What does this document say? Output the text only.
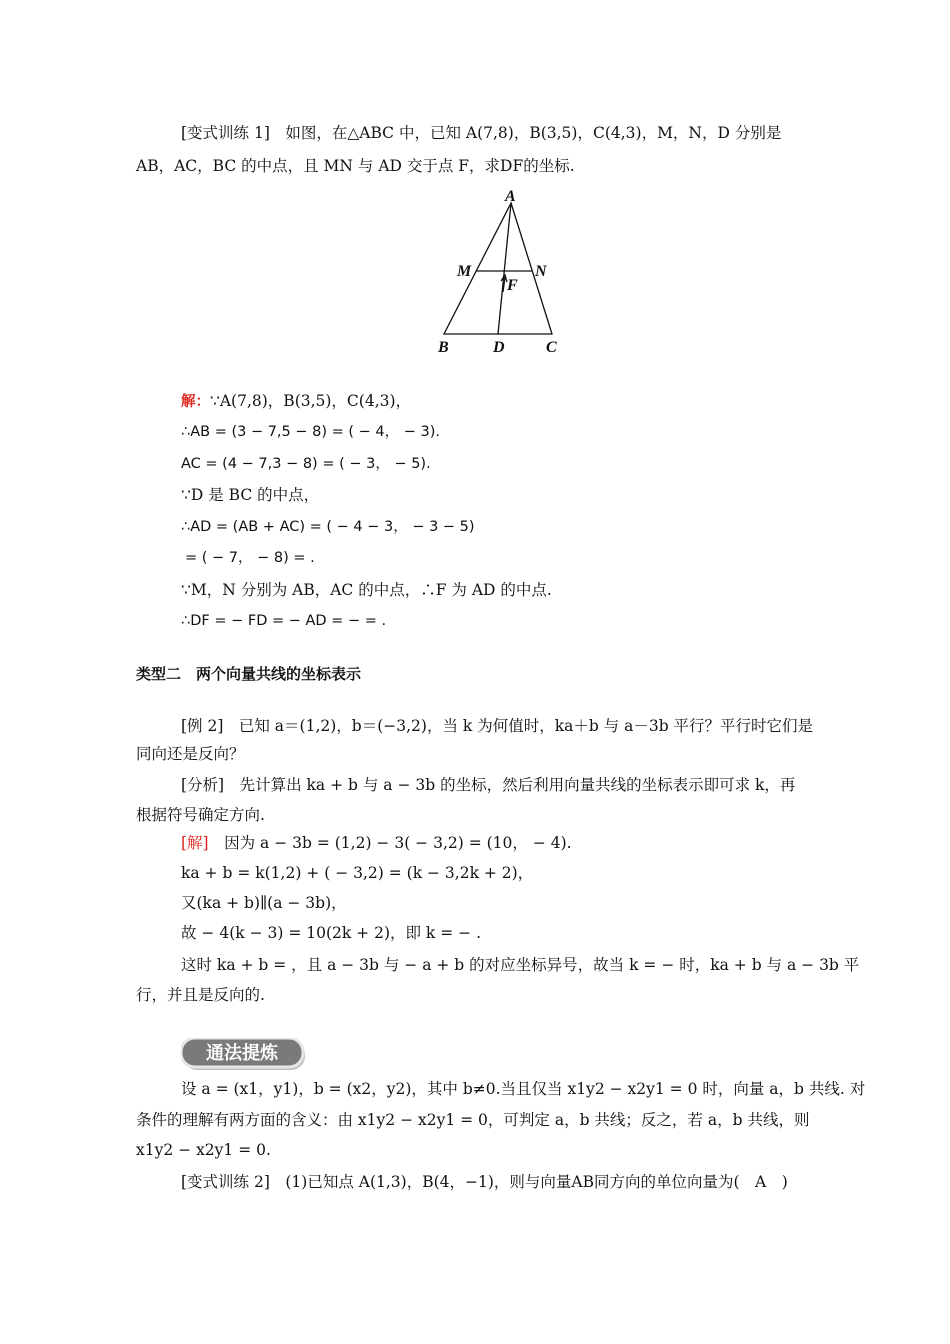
[变式训练 1]　如图，在△ABC 中，已知 A(7,8)，B(3,5)，C(4,3)，M，N，D 分别是
AB，AC，BC 的中点，且 MN 与 AD 交于点 F，求DF的坐标.
A
M	N
F
B	D	C
解：∵A(7,8)，B(3,5)，C(4,3)，
∴AB = (3 − 7,5 − 8) = ( − 4， − 3).
AC = (4 − 7,3 − 8) = ( − 3， − 5).
∵D 是 BC 的中点，
∴AD = (AB + AC) = ( − 4 − 3， − 3 − 5)
= ( − 7， − 8) = .
∵M，N 分别为 AB，AC 的中点，∴F 为 AD 的中点.
∴DF = − FD = − AD = − = .
类型二　两个向量共线的坐标表示
[例 2]　已知 a＝(1,2)，b＝(−3,2)，当 k 为何值时，ka＋b 与 a－3b 平行？平行时它们是
同向还是反向？
[分析]　先计算出 ka + b 与 a − 3b 的坐标，然后利用向量共线的坐标表示即可求 k，再
根据符号确定方向.
[解]　因为 a − 3b = (1,2) − 3( − 3,2) = (10， − 4).
ka + b = k(1,2) + ( − 3,2) = (k − 3,2k + 2)，
又(ka + b)∥(a − 3b)，
故 − 4(k − 3) = 10(2k + 2)，即 k = − .
这时 ka + b = ，且 a − 3b 与 − a + b 的对应坐标异号，故当 k = − 时，ka + b 与 a − 3b 平
行，并且是反向的.
通法提炼
设 a = (x1，y1)，b = (x2，y2)，其中 b≠0.当且仅当 x1y2 − x2y1 = 0 时，向量 a，b 共线. 对
条件的理解有两方面的含义：由 x1y2 − x2y1 = 0，可判定 a，b 共线；反之，若 a，b 共线，则
x1y2 − x2y1 = 0.
[变式训练 2]　(1)已知点 A(1,3)，B(4，−1)，则与向量AB同方向的单位向量为(　A　)
